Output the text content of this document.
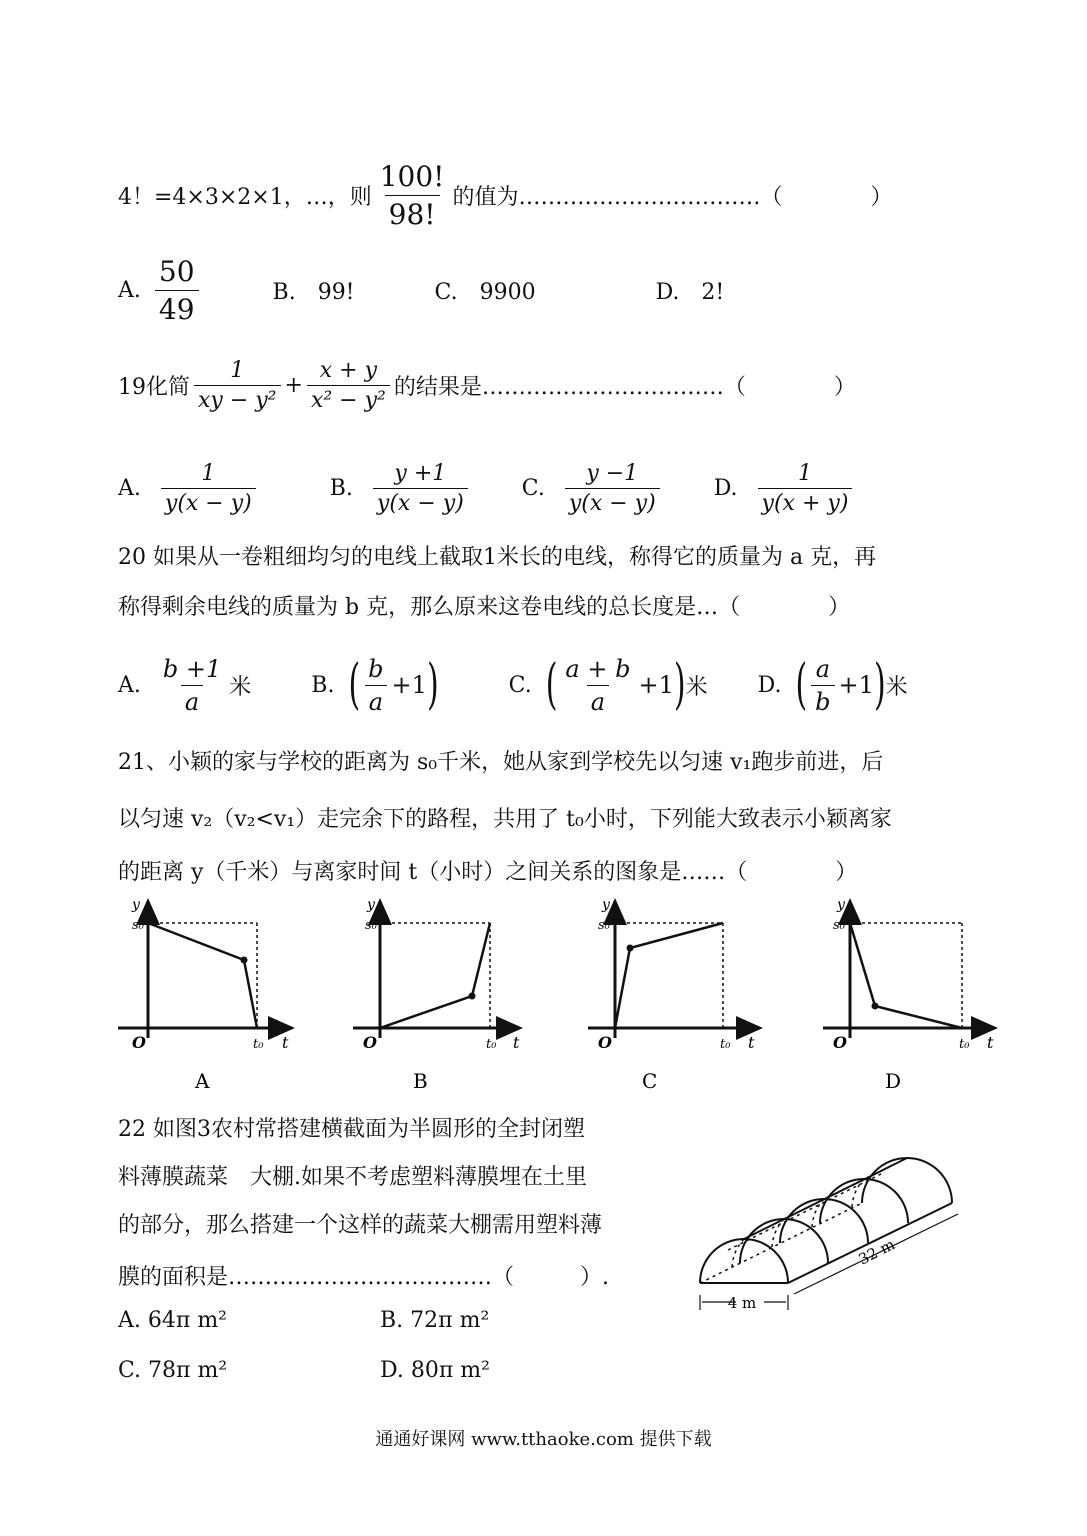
4！=4×3×2×1，…，则 $\frac{100!}{98!}$ 的值为……………………………（　　　　）
A. $\frac{50}{49}$	B.　99!	C.　9900	D.　2!
19化简 $\frac{1}{\text{xy − y²}} + \frac{x + y}{\text{x² − y²}}$ 的结果是……………………………（　　　　）
A. $\frac{1}{y(x - y)}$	B. $\frac{y +1}{y(x - y)} C$. $\frac{y -1}{y(x - y)} D$. $\frac{1}{y(x + y)}$
20 如果从一卷粗细均匀的电线上截取1米长的电线，称得它的质量为 a 克，再
称得剩余电线的质量为 b 克，那么原来这卷电线的总长度是…（　　　　）
A. $\frac{b +1}{a}$ 米	B. ( $\frac{b}{a} +1$ )	C. ( $\frac{a + b}{a} +1$ ) 米 D. ( $\frac{a}{b} +1$ ) 米
21、小颖的家与学校的距离为 s₀千米，她从家到学校先以匀速 v₁跑步前进，后
以匀速 v₂（v₂<v₁）走完余下的路程，共用了 t₀小时，下列能大致表示小颖离家
的距离 y（千米）与离家时间 t（小时）之间关系的图象是……（　　　　）
y
s₀
O	t₀ t
A
y
s₀
O	t₀ t
B
y
s₀
O	t₀ t
C
y
s₀
O	t₀ t
D
22 如图3农村常搭建横截面为半圆形的全封闭塑
料薄膜蔬菜　大棚.如果不考虑塑料薄膜埋在土里
的部分，那么搭建一个这样的蔬菜大棚需用塑料薄
膜的面积是………………………………（　　　）.
A. 64π m²	B. 72π m²
C. 78π m²	D. 80π m²
4 m
32 m
通通好课网 www.tthaoke.com 提供下载
